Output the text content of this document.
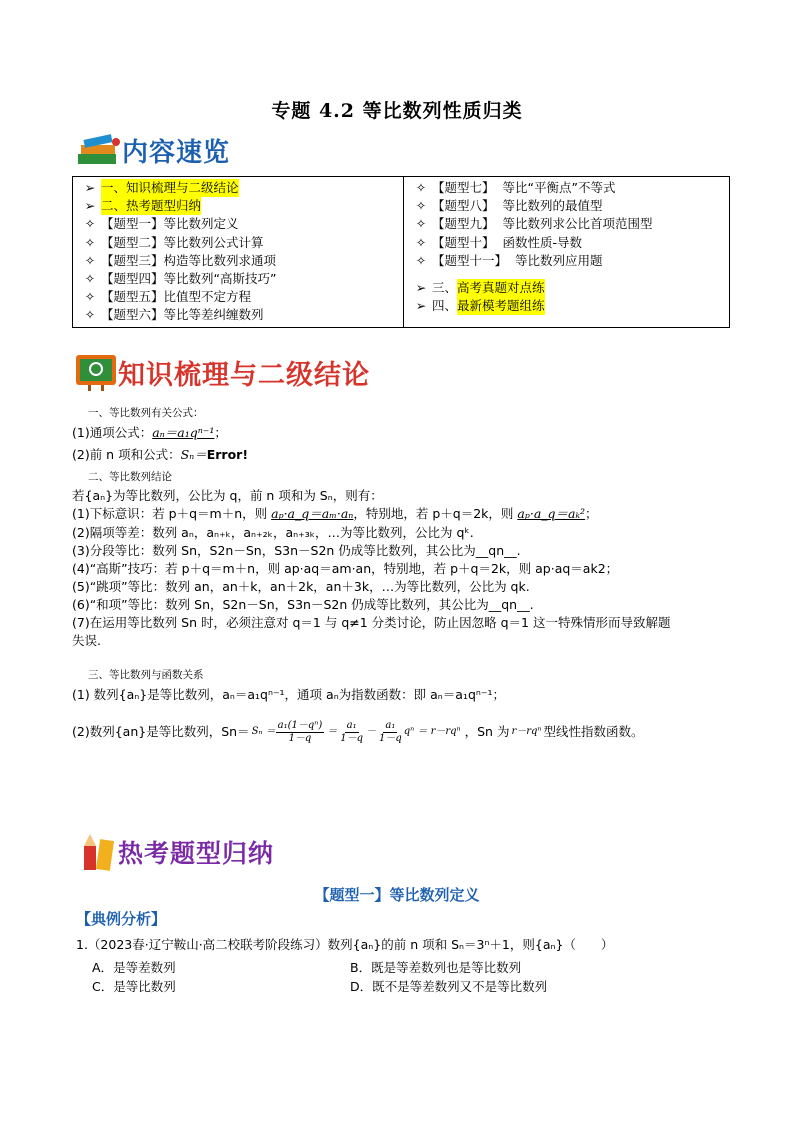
专题 4.2 等比数列性质归类
内容速览
➢ 一、知识梳理与二级结论
➢ 二、热考题型归纳
✧ 【题型一】等比数列定义
✧ 【题型二】等比数列公式计算
✧ 【题型三】构造等比数列求通项
✧ 【题型四】等比数列“高斯技巧”
✧ 【题型五】比值型不定方程
✧ 【题型六】等比等差纠缠数列

✧ 【题型七】 等比“平衡点”不等式
✧ 【题型八】 等比数列的最值型
✧ 【题型九】 等比数列求公比首项范围型
✧ 【题型十】 函数性质-导数
✧ 【题型十一】 等比数列应用题
➢ 三、 高考真题对点练
➢ 四、 最新模考题组练
知识梳理与二级结论
一、等比数列有关公式：
(1)通项公式：aₙ＝a₁qⁿ⁻¹；
(2)前 n 项和公式：Sₙ＝Error!
二、等比数列结论
若{aₙ}为等比数列，公比为 q，前 n 项和为 Sₙ，则有：
(1)下标意识：若 p＋q＝m＋n，则 aₚ·a_q＝aₘ·aₙ，特别地，若 p＋q＝2k，则 aₚ·a_q＝aₖ²；
(2)隔项等差：数列 aₙ，aₙ₊ₖ，aₙ₊₂ₖ，aₙ₊₃ₖ，…为等比数列，公比为 qᵏ.
(3)分段等比：数列 Sn，S2n－Sn，S3n－S2n 仍成等比数列，其公比为__qn__.
(4)“高斯”技巧：若 p＋q＝m＋n，则 ap·aq＝am·an，特别地，若 p＋q＝2k，则 ap·aq＝ak2；
(5)“跳项”等比：数列 an，an＋k，an＋2k，an＋3k，…为等比数列，公比为 qk.
(6)“和项”等比：数列 Sn，S2n－Sn，S3n－S2n 仍成等比数列，其公比为__qn__.
(7)在运用等比数列 Sn 时，必须注意对 q＝1 与 q≠1 分类讨论，防止因忽略 q＝1 这一特殊情形而导致解题
失误.
三、等比数列与函数关系
(1) 数列{aₙ}是等比数列，aₙ＝a₁qⁿ⁻¹，通项 aₙ为指数函数：即 aₙ＝a₁qⁿ⁻¹；
(2)数列{an}是等比数列，$Sn= S_n = \frac{\text{a₁(1－qⁿ)}}{1-q} = \frac{\text{a₁}}{1-q} - \frac{\text{a₁}}{1-q}$ qⁿ ＝ r－rqⁿ ，Sn 为 r－rqⁿ 型线性指数函数。
热考题型归纳
【题型一】等比数列定义
【典例分析】
1.（2023春·辽宁鞍山·高二校联考阶段练习）数列{aₙ}的前 n 项和 Sₙ＝3ⁿ＋1，则{aₙ}（　　）
A．是等差数列	B．既是等差数列也是等比数列
C．是等比数列	D．既不是等差数列又不是等比数列
